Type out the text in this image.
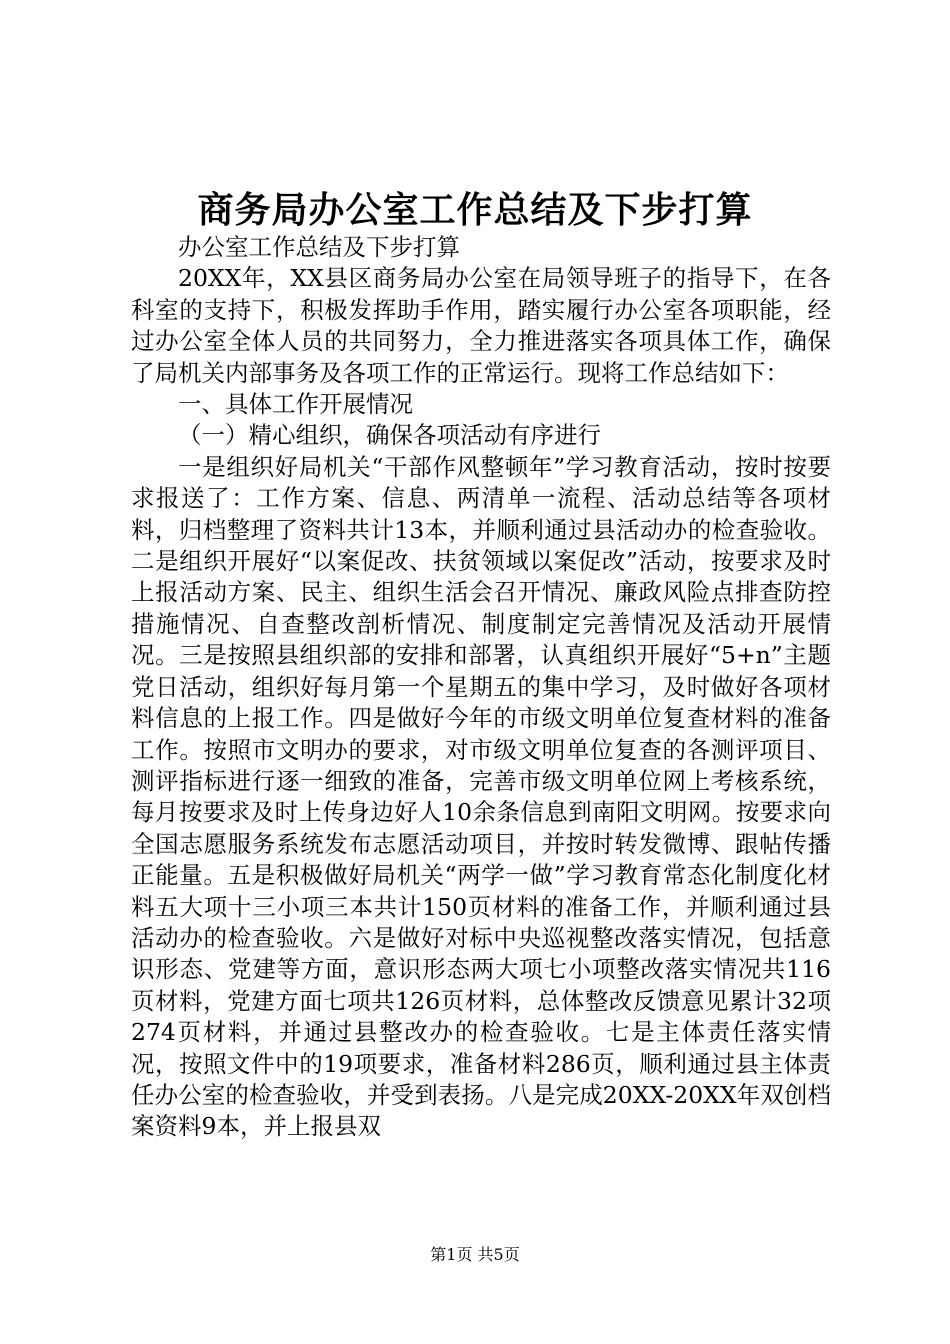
商务局办公室工作总结及下步打算

办公室工作总结及下步打算

20XX年，XX县区商务局办公室在局领导班子的指导下，在各科室的支持下，积极发挥助手作用，踏实履行办公室各项职能，经过办公室全体人员的共同努力，全力推进落实各项具体工作，确保了局机关内部事务及各项工作的正常运行。现将工作总结如下：

一、具体工作开展情况

（一）精心组织，确保各项活动有序进行

一是组织好局机关“干部作风整顿年”学习教育活动，按时按要求报送了：工作方案、信息、两清单一流程、活动总结等各项材料，归档整理了资料共计13本，并顺利通过县活动办的检查验收。二是组织开展好“以案促改、扶贫领域以案促改”活动，按要求及时上报活动方案、民主、组织生活会召开情况、廉政风险点排查防控措施情况、自查整改剖析情况、制度制定完善情况及活动开展情况。三是按照县组织部的安排和部署，认真组织开展好“5+n”主题党日活动，组织好每月第一个星期五的集中学习，及时做好各项材料信息的上报工作。四是做好今年的市级文明单位复查材料的准备工作。按照市文明办的要求，对市级文明单位复查的各测评项目、测评指标进行逐一细致的准备，完善市级文明单位网上考核系统，每月按要求及时上传身边好人10余条信息到南阳文明网。按要求向全国志愿服务系统发布志愿活动项目，并按时转发微博、跟帖传播正能量。五是积极做好局机关“两学一做”学习教育常态化制度化材料五大项十三小项三本共计150页材料的准备工作，并顺利通过县活动办的检查验收。六是做好对标中央巡视整改落实情况，包括意识形态、党建等方面，意识形态两大项七小项整改落实情况共116页材料，党建方面七项共126页材料，总体整改反馈意见累计32项274页材料，并通过县整改办的检查验收。七是主体责任落实情况，按照文件中的19项要求，准备材料286页，顺利通过县主体责任办公室的检查验收，并受到表扬。八是完成20XX-20XX年双创档案资料9本，并上报县双

第1页 共5页
